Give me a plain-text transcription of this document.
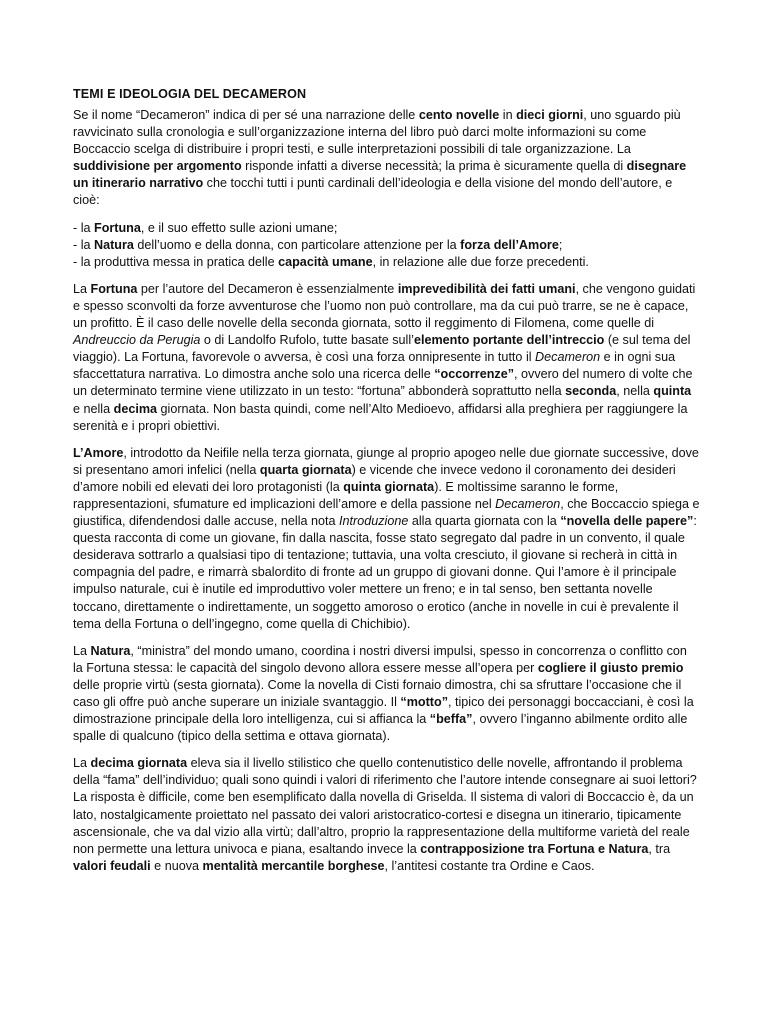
TEMI E IDEOLOGIA DEL DECAMERON

Se il nome “Decameron” indica di per sé una narrazione delle cento novelle in dieci giorni, uno sguardo più ravvicinato sulla cronologia e sull’organizzazione interna del libro può darci molte informazioni su come Boccaccio scelga di distribuire i propri testi, e sulle interpretazioni possibili di tale organizzazione. La suddivisione per argomento risponde infatti a diverse necessità; la prima è sicuramente quella di disegnare un itinerario narrativo che tocchi tutti i punti cardinali dell’ideologia e della visione del mondo dell’autore, e cioè:

- la Fortuna, e il suo effetto sulle azioni umane;
- la Natura dell’uomo e della donna, con particolare attenzione per la forza dell’Amore;
- la produttiva messa in pratica delle capacità umane, in relazione alle due forze precedenti.

La Fortuna per l’autore del Decameron è essenzialmente imprevedibilità dei fatti umani, che vengono guidati e spesso sconvolti da forze avventurose che l’uomo non può controllare, ma da cui può trarre, se ne è capace, un profitto. È il caso delle novelle della seconda giornata, sotto il reggimento di Filomena, come quelle di Andreuccio da Perugia o di Landolfo Rufolo, tutte basate sull’elemento portante dell’intreccio (e sul tema del viaggio). La Fortuna, favorevole o avversa, è così una forza onnipresente in tutto il Decameron e in ogni sua sfaccettatura narrativa. Lo dimostra anche solo una ricerca delle “occorrenze”, ovvero del numero di volte che un determinato termine viene utilizzato in un testo: “fortuna” abbonderà soprattutto nella seconda, nella quinta e nella decima giornata. Non basta quindi, come nell’Alto Medioevo, affidarsi alla preghiera per raggiungere la serenità e i propri obiettivi.

L’Amore, introdotto da Neifile nella terza giornata, giunge al proprio apogeo nelle due giornate successive, dove si presentano amori infelici (nella quarta giornata) e vicende che invece vedono il coronamento dei desideri d’amore nobili ed elevati dei loro protagonisti (la quinta giornata). E moltissime saranno le forme, rappresentazioni, sfumature ed implicazioni dell’amore e della passione nel Decameron, che Boccaccio spiega e giustifica, difendendosi dalle accuse, nella nota Introduzione alla quarta giornata con la “novella delle papere”: questa racconta di come un giovane, fin dalla nascita, fosse stato segregato dal padre in un convento, il quale desiderava sottrarlo a qualsiasi tipo di tentazione; tuttavia, una volta cresciuto, il giovane si recherà in città in compagnia del padre, e rimarrà sbalordito di fronte ad un gruppo di giovani donne. Qui l’amore è il principale impulso naturale, cui è inutile ed improduttivo voler mettere un freno; e in tal senso, ben settanta novelle toccano, direttamente o indirettamente, un soggetto amoroso o erotico (anche in novelle in cui è prevalente il tema della Fortuna o dell’ingegno, come quella di Chichibio).

La Natura, “ministra” del mondo umano, coordina i nostri diversi impulsi, spesso in concorrenza o conflitto con la Fortuna stessa: le capacità del singolo devono allora essere messe all’opera per cogliere il giusto premio delle proprie virtù (sesta giornata). Come la novella di Cisti fornaio dimostra, chi sa sfruttare l’occasione che il caso gli offre può anche superare un iniziale svantaggio. Il “motto”, tipico dei personaggi boccacciani, è così la dimostrazione principale della loro intelligenza, cui si affianca la “beffa”, ovvero l’inganno abilmente ordito alle spalle di qualcuno (tipico della settima e ottava giornata).

La decima giornata eleva sia il livello stilistico che quello contenutistico delle novelle, affrontando il problema della “fama” dell’individuo; quali sono quindi i valori di riferimento che l’autore intende consegnare ai suoi lettori? La risposta è difficile, come ben esemplificato dalla novella di Griselda. Il sistema di valori di Boccaccio è, da un lato, nostalgicamente proiettato nel passato dei valori aristocratico-cortesi e disegna un itinerario, tipicamente ascensionale, che va dal vizio alla virtù; dall’altro, proprio la rappresentazione della multiforme varietà del reale non permette una lettura univoca e piana, esaltando invece la contrapposizione tra Fortuna e Natura, tra valori feudali e nuova mentalità mercantile borghese, l’antitesi costante tra Ordine e Caos.
